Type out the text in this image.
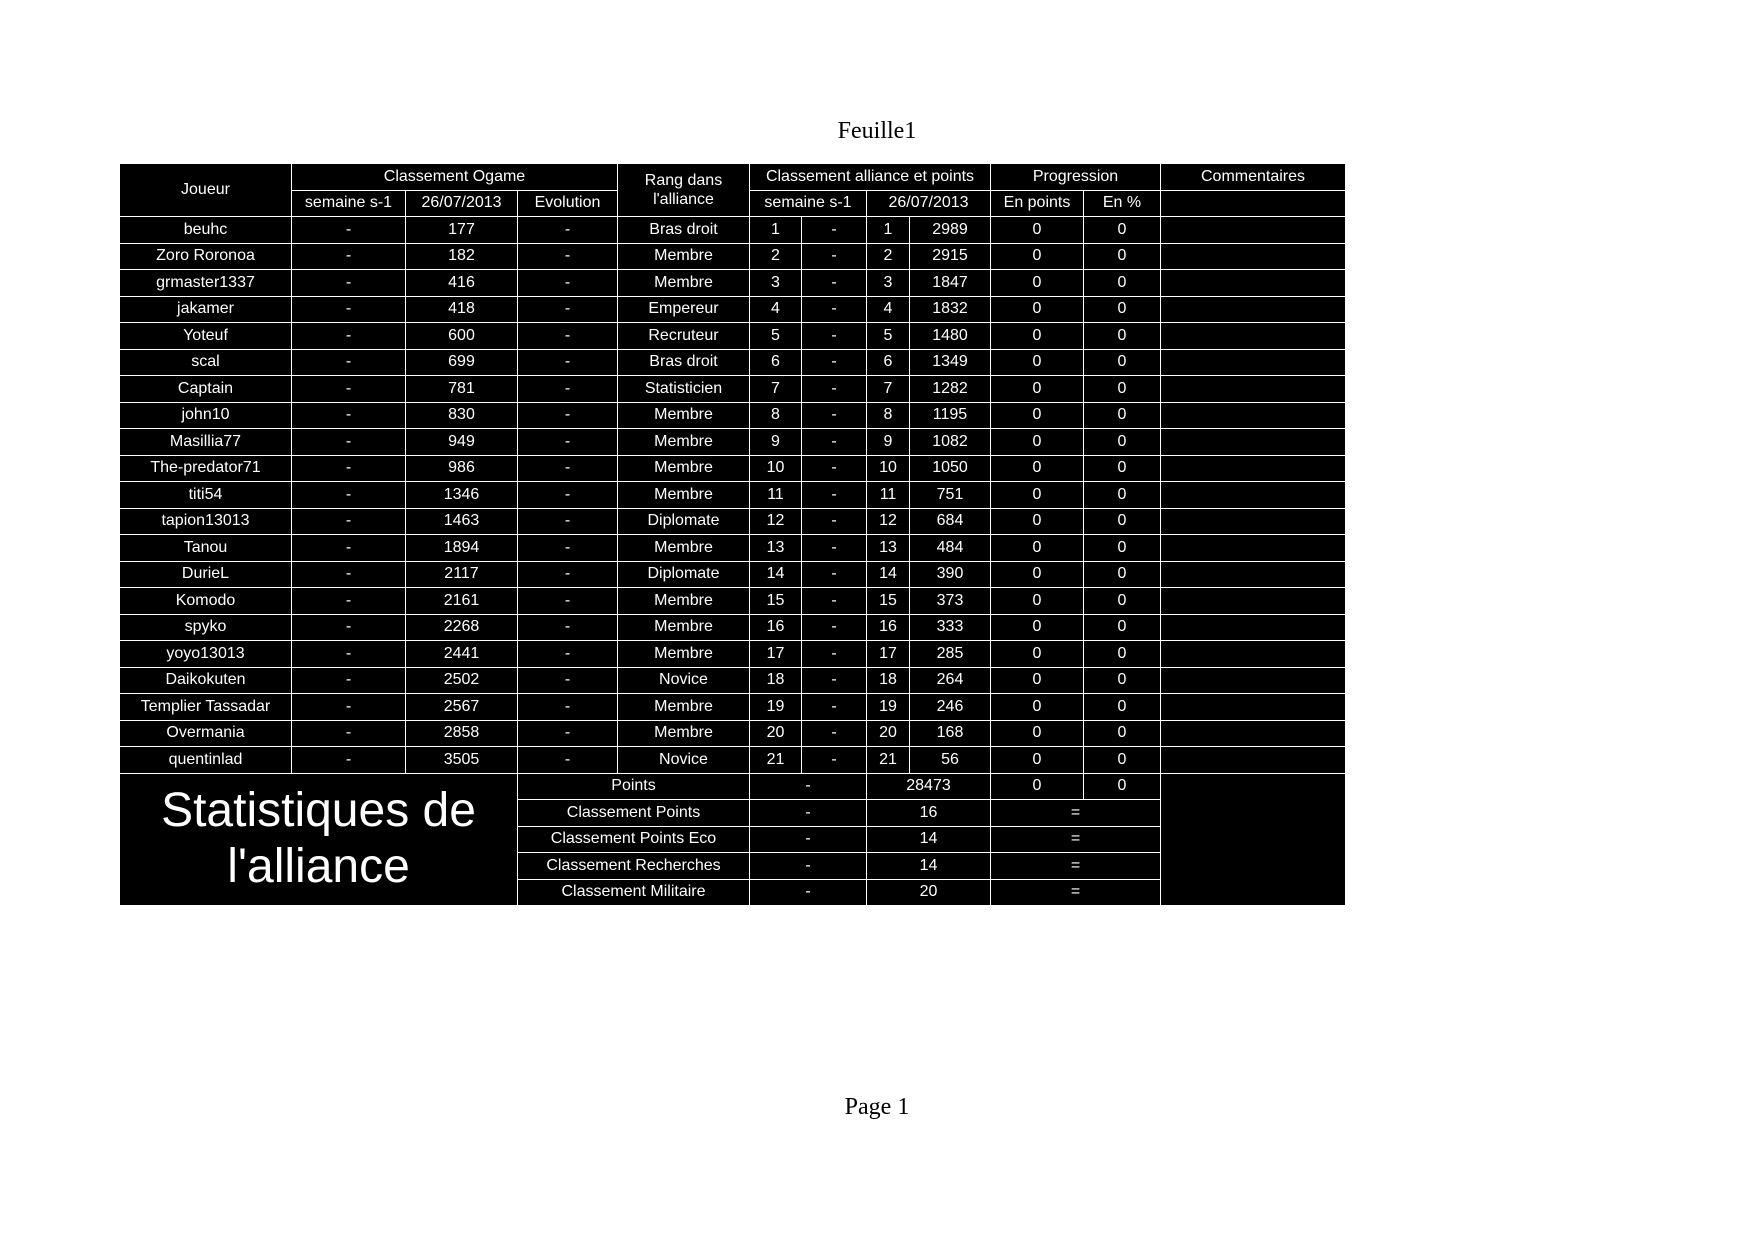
Feuille1
Joueur	Classement Ogame			Rang dans l'alliance	Classement alliance et points				Progression		Commentaires
	semaine s-1	26/07/2013	Evolution		semaine s-1		26/07/2013		En points	En %	
beuhc	-	177	-	Bras droit	1	-	1	2989	0	0	
Zoro Roronoa	-	182	-	Membre	2	-	2	2915	0	0	
grmaster1337	-	416	-	Membre	3	-	3	1847	0	0	
jakamer	-	418	-	Empereur	4	-	4	1832	0	0	
Yoteuf	-	600	-	Recruteur	5	-	5	1480	0	0	
scal	-	699	-	Bras droit	6	-	6	1349	0	0	
Captain	-	781	-	Statisticien	7	-	7	1282	0	0	
john10	-	830	-	Membre	8	-	8	1195	0	0	
Masillia77	-	949	-	Membre	9	-	9	1082	0	0	
The-predator71	-	986	-	Membre	10	-	10	1050	0	0	
titi54	-	1346	-	Membre	11	-	11	751	0	0	
tapion13013	-	1463	-	Diplomate	12	-	12	684	0	0	
Tanou	-	1894	-	Membre	13	-	13	484	0	0	
DurieL	-	2117	-	Diplomate	14	-	14	390	0	0	
Komodo	-	2161	-	Membre	15	-	15	373	0	0	
spyko	-	2268	-	Membre	16	-	16	333	0	0	
yoyo13013	-	2441	-	Membre	17	-	17	285	0	0	
Daikokuten	-	2502	-	Novice	18	-	18	264	0	0	
Templier Tassadar	-	2567	-	Membre	19	-	19	246	0	0	
Overmania	-	2858	-	Membre	20	-	20	168	0	0	
quentinlad	-	3505	-	Novice	21	-	21	56	0	0	
Statistiques de l'alliance			Points		-		28473		0	0	
			Classement Points		-		16		=		
			Classement Points Eco		-		14		=		
			Classement Recherches		-		14		=		
			Classement Militaire		-		20		=		
Page 1
